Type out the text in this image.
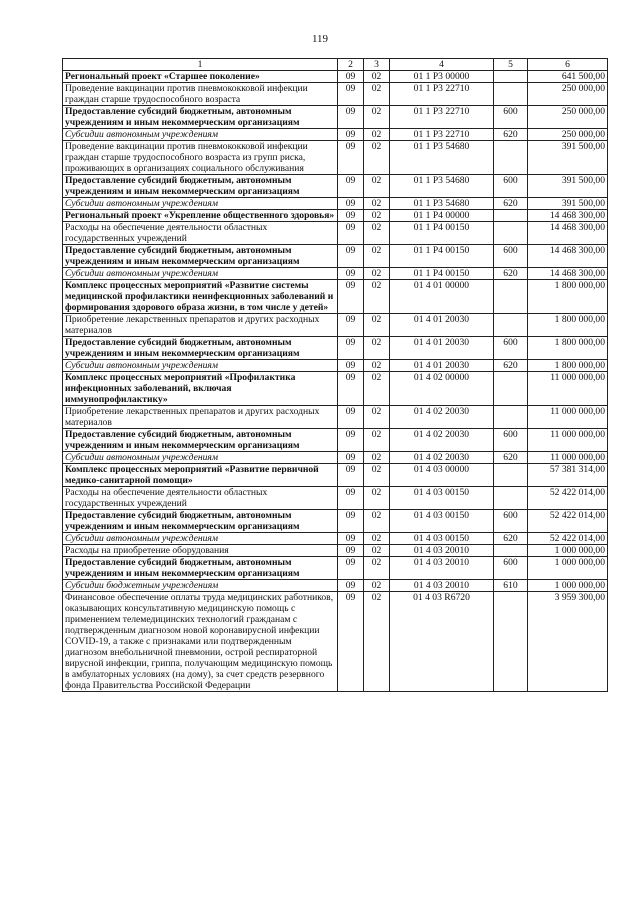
119
1	2	3	4	5	6
Региональный проект «Старшее поколение»	09	02	01 1 Р3 00000		641 500,00
Проведение вакцинации против пневмококковой инфекции граждан старше трудоспособного возраста	09	02	01 1 Р3 22710		250 000,00
Предоставление субсидий бюджетным, автономным учреждениям и иным некоммерческим организациям	09	02	01 1 Р3 22710	600	250 000,00
Субсидии автономным учреждениям	09	02	01 1 Р3 22710	620	250 000,00
Проведение вакцинации против пневмококковой инфекции граждан старше трудоспособного возраста из групп риска, проживающих в организациях социального обслуживания	09	02	01 1 Р3 54680		391 500,00
Предоставление субсидий бюджетным, автономным учреждениям и иным некоммерческим организациям	09	02	01 1 Р3 54680	600	391 500,00
Субсидии автономным учреждениям	09	02	01 1 Р3 54680	620	391 500,00
Региональный проект «Укрепление общественного здоровья»	09	02	01 1 Р4 00000		14 468 300,00
Расходы на обеспечение деятельности областных государственных учреждений	09	02	01 1 Р4 00150		14 468 300,00
Предоставление субсидий бюджетным, автономным учреждениям и иным некоммерческим организациям	09	02	01 1 Р4 00150	600	14 468 300,00
Субсидии автономным учреждениям	09	02	01 1 Р4 00150	620	14 468 300,00
Комплекс процессных мероприятий «Развитие системы медицинской профилактики неинфекционных заболеваний и формирования здорового образа жизни, в том числе у детей»	09	02	01 4 01 00000		1 800 000,00
Приобретение лекарственных препаратов и других расходных материалов	09	02	01 4 01 20030		1 800 000,00
Предоставление субсидий бюджетным, автономным учреждениям и иным некоммерческим организациям	09	02	01 4 01 20030	600	1 800 000,00
Субсидии автономным учреждениям	09	02	01 4 01 20030	620	1 800 000,00
Комплекс процессных мероприятий «Профилактика инфекционных заболеваний, включая иммунопрофилактику»	09	02	01 4 02 00000		11 000 000,00
Приобретение лекарственных препаратов и других расходных материалов	09	02	01 4 02 20030		11 000 000,00
Предоставление субсидий бюджетным, автономным учреждениям и иным некоммерческим организациям	09	02	01 4 02 20030	600	11 000 000,00
Субсидии автономным учреждениям	09	02	01 4 02 20030	620	11 000 000,00
Комплекс процессных мероприятий «Развитие первичной медико-санитарной помощи»	09	02	01 4 03 00000		57 381 314,00
Расходы на обеспечение деятельности областных государственных учреждений	09	02	01 4 03 00150		52 422 014,00
Предоставление субсидий бюджетным, автономным учреждениям и иным некоммерческим организациям	09	02	01 4 03 00150	600	52 422 014,00
Субсидии автономным учреждениям	09	02	01 4 03 00150	620	52 422 014,00
Расходы на приобретение оборудования	09	02	01 4 03 20010		1 000 000,00
Предоставление субсидий бюджетным, автономным учреждениям и иным некоммерческим организациям	09	02	01 4 03 20010	600	1 000 000,00
Субсидии бюджетным учреждениям	09	02	01 4 03 20010	610	1 000 000,00
Финансовое обеспечение оплаты труда медицинских работников, оказывающих консультативную медицинскую помощь с применением телемедицинских технологий гражданам с подтвержденным диагнозом новой коронавирусной инфекции COVID-19, а также с признаками или подтвержденным диагнозом внебольничной пневмонии, острой респираторной вирусной инфекции, гриппа, получающим медицинскую помощь в амбулаторных условиях (на дому), за счет средств резервного фонда Правительства Российской Федерации	09	02	01 4 03 R6720		3 959 300,00
